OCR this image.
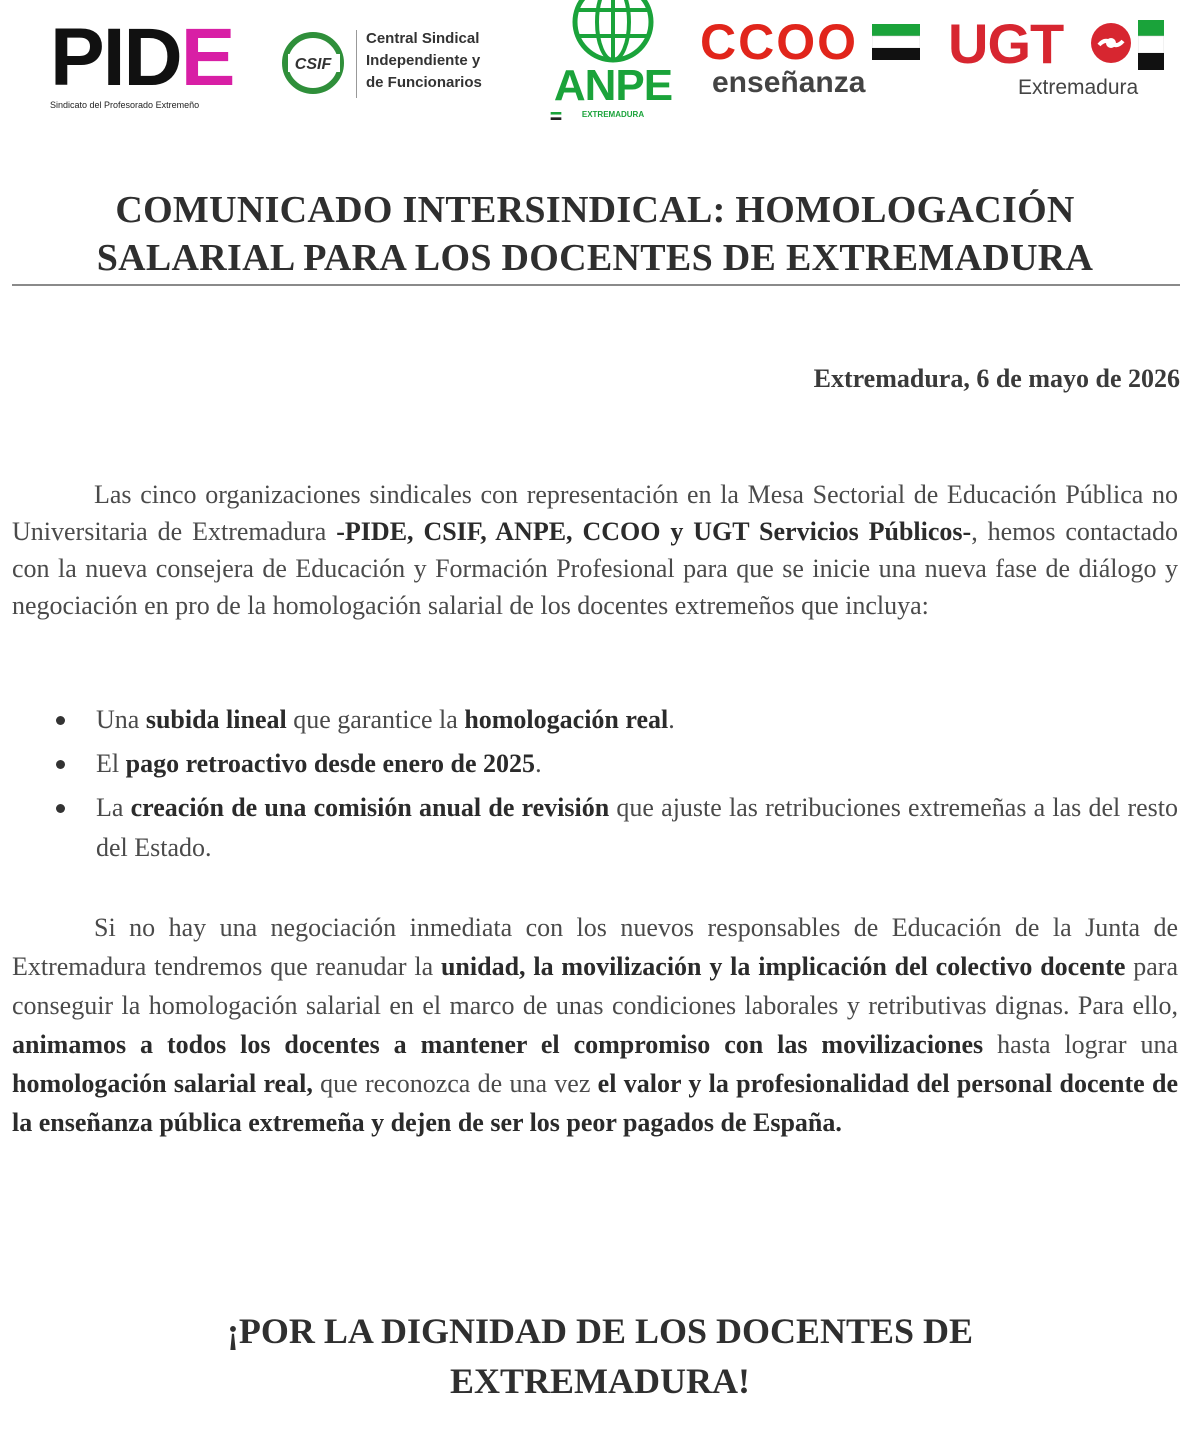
PIDE
Sindicato del Profesorado Extremeño
CSIF
Central Sindical
Independiente y
de Funcionarios	ANPE
EXTREMADURA
CCOO
enseñanza
UGT
Extremadura
COMUNICADO INTERSINDICAL: HOMOLOGACIÓN
SALARIAL PARA LOS DOCENTES DE EXTREMADURA
Extremadura, 6 de mayo de 2026

Las cinco organizaciones sindicales con representación en la Mesa Sectorial de Educación Pública no Universitaria de Extremadura -PIDE, CSIF, ANPE, CCOO y UGT Servicios Públicos-, hemos contactado con la nueva consejera de Educación y Formación Profesional para que se inicie una nueva fase de diálogo y negociación en pro de la homologación salarial de los docentes extremeños que incluya:

Una subida lineal que garantice la homologación real.
El pago retroactivo desde enero de 2025.
La creación de una comisión anual de revisión que ajuste las retribuciones extremeñas a las del resto del Estado.

Si no hay una negociación inmediata con los nuevos responsables de Educación de la Junta de Extremadura tendremos que reanudar la unidad, la movilización y la implicación del colectivo docente para conseguir la homologación salarial en el marco de unas condiciones laborales y retributivas dignas. Para ello, animamos a todos los docentes a mantener el compromiso con las movilizaciones hasta lograr una homologación salarial real, que reconozca de una vez el valor y la profesionalidad del personal docente de la enseñanza pública extremeña y dejen de ser los peor pagados de España.

¡POR LA DIGNIDAD DE LOS DOCENTES DE
EXTREMADURA!
